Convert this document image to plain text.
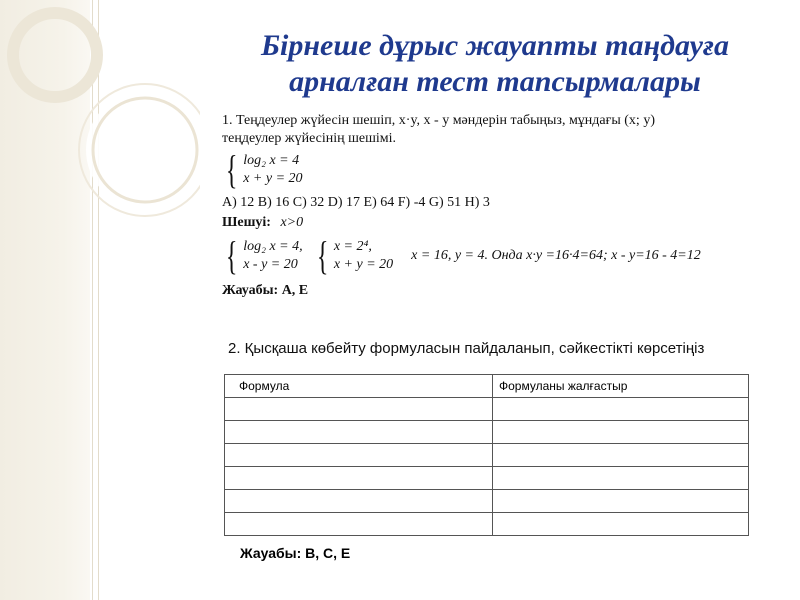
Бірнеше дұрыс жауапты таңдауға
арналған тест тапсырмалары
1. Теңдеулер жүйесін шешіп, x·y, x - y мәндерін табыңыз, мұндағы (x; y)
теңдеулер жүйесінің шешімі.
{ log₂ x = 4
x + y = 20
A) 12 B) 16 C) 32 D) 17 E) 64 F) -4 G) 51 H) 3
Шешуі: x>0
{ log₂ x = 4,
x - y = 20 { x = 2⁴,
x + y = 20
x = 16, y = 4. Онда x·y =16·4=64; x - y=16 - 4=12
Жауабы: А, Е
2. Қысқаша көбейту формуласын пайдаланып, сәйкестікті көрсетіңіз
Формула	Формуланы жалғастыр

Жауабы: B, C, E
